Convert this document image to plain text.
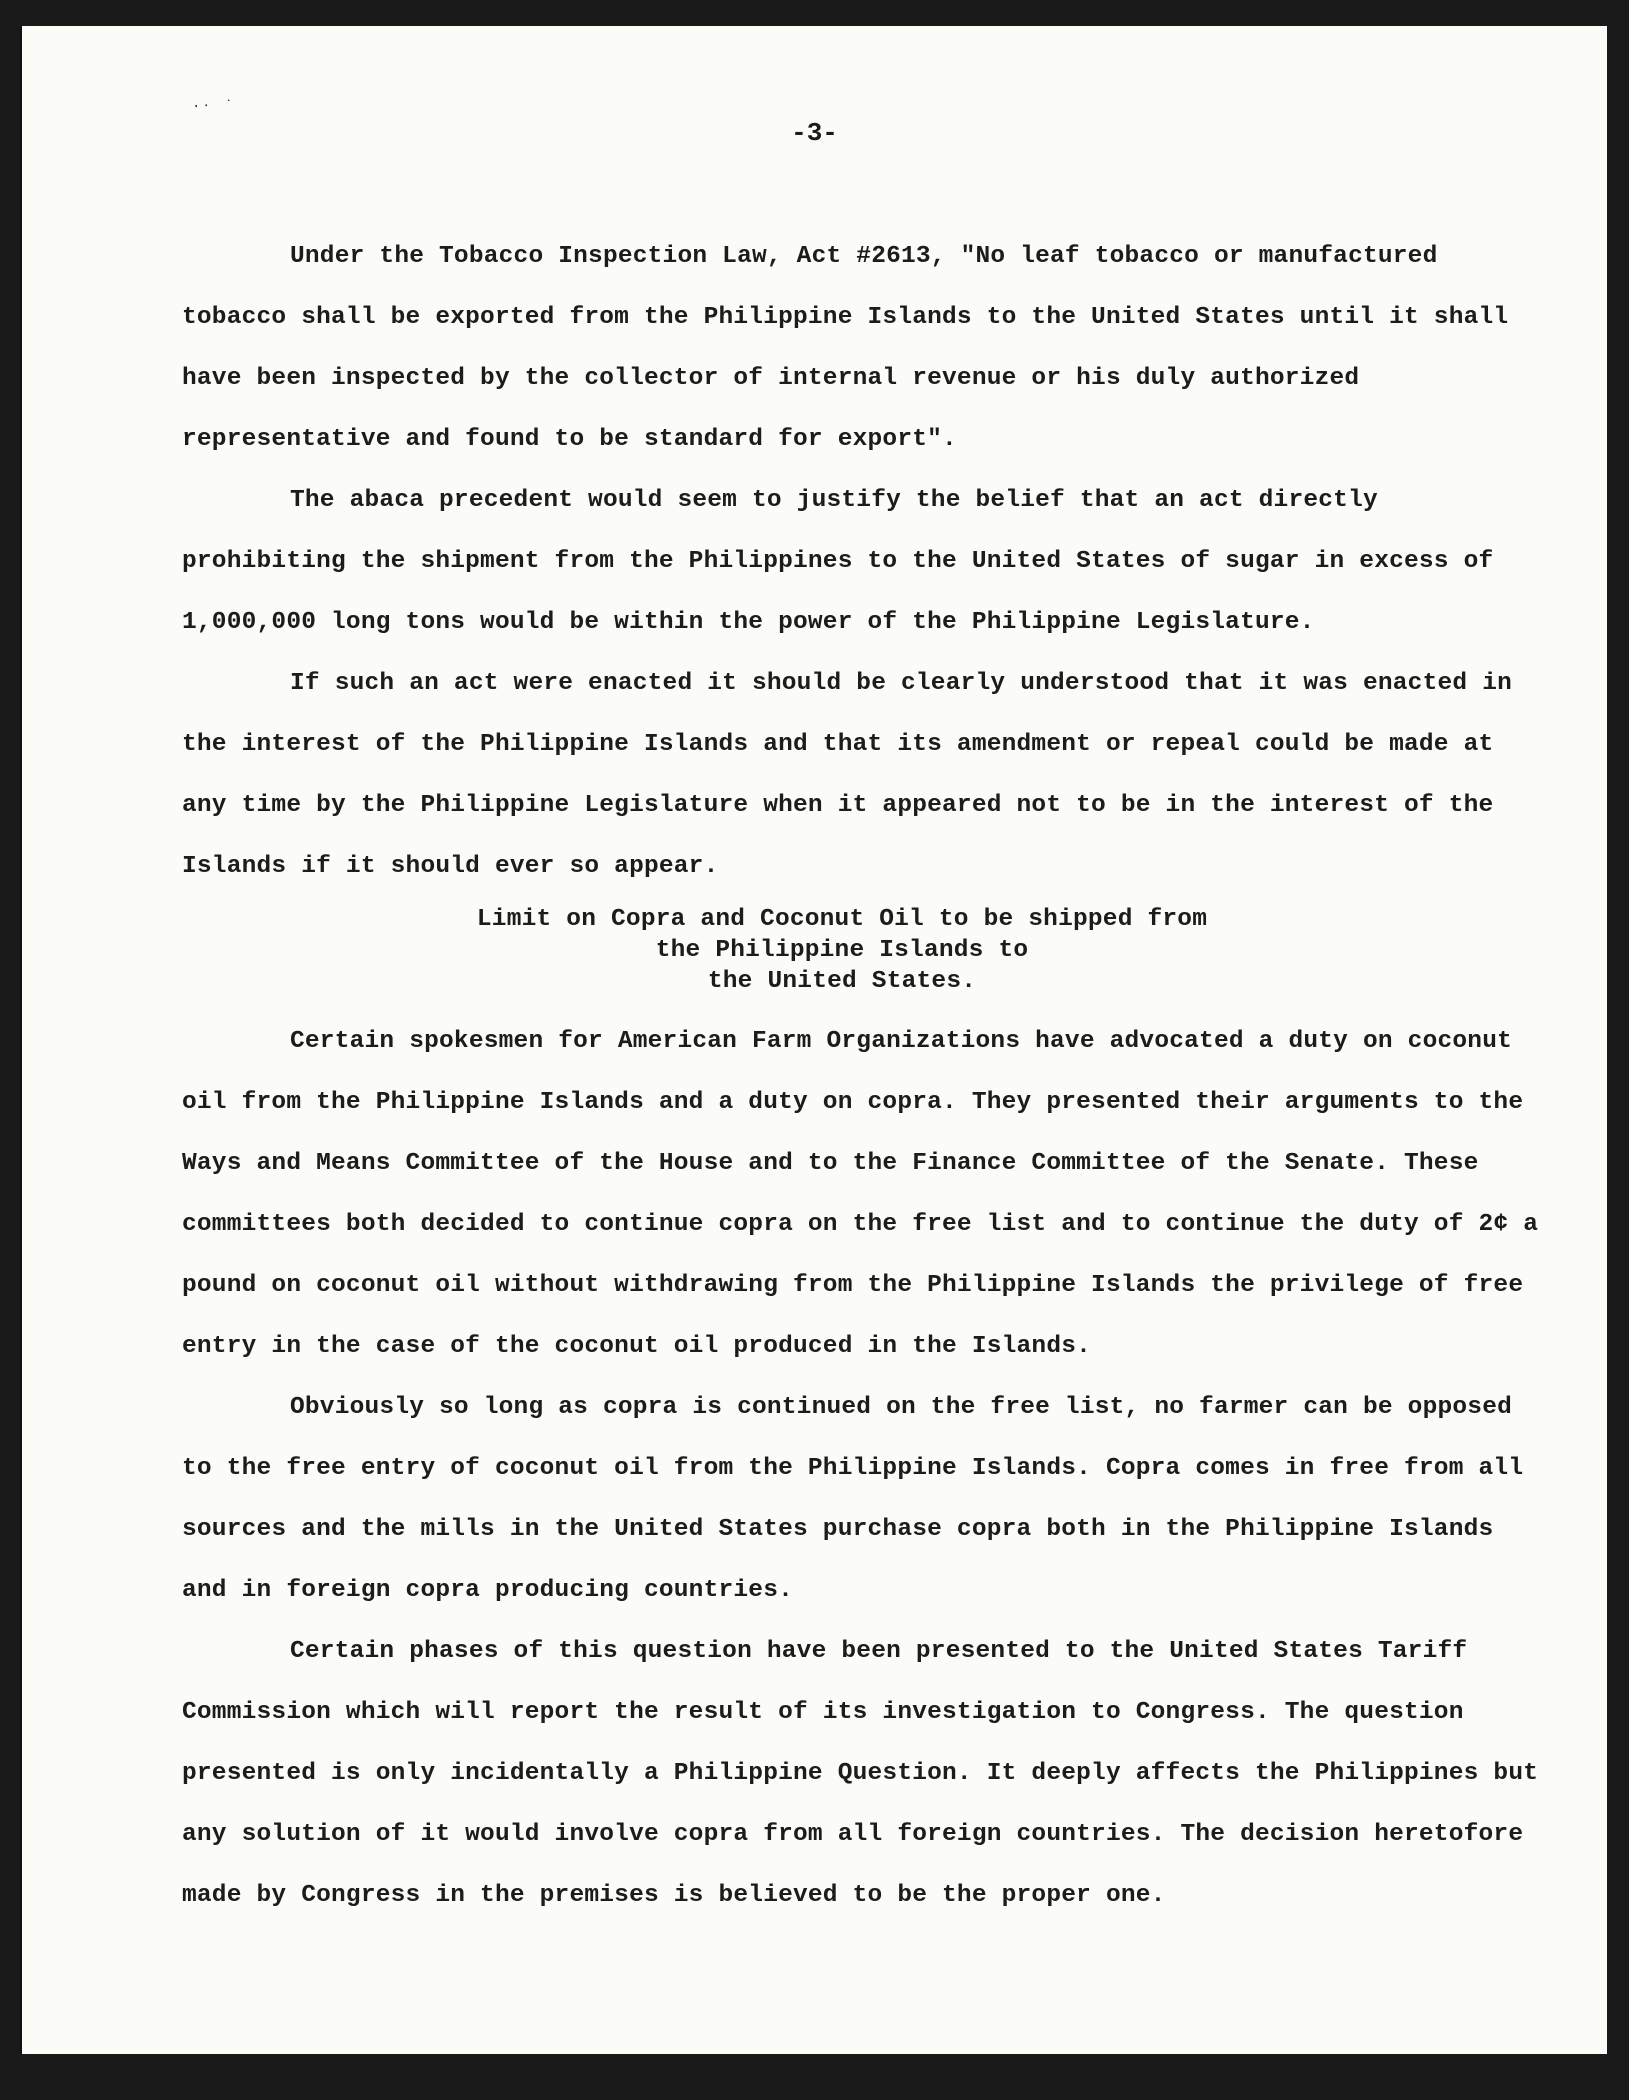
∙⸱ ˙
-3-

Under the Tobacco Inspection Law, Act #2613, "No leaf tobacco or manufactured tobacco shall be exported from the Philippine Islands to the United States until it shall have been inspected by the collector of internal revenue or his duly authorized representative and found to be standard for export".

The abaca precedent would seem to justify the belief that an act directly prohibiting the shipment from the Philippines to the United States of sugar in excess of 1,000,000 long tons would be within the power of the Philippine Legislature.

If such an act were enacted it should be clearly understood that it was enacted in the interest of the Philippine Islands and that its amendment or repeal could be made at any time by the Philippine Legislature when it appeared not to be in the interest of the Islands if it should ever so appear.

Limit on Copra and Coconut Oil to be shipped from
the Philippine Islands to
the United States.

Certain spokesmen for American Farm Organizations have advocated a duty on coconut oil from the Philippine Islands and a duty on copra. They presented their arguments to the Ways and Means Committee of the House and to the Finance Committee of the Senate. These committees both decided to continue copra on the free list and to continue the duty of 2¢ a pound on coconut oil without withdrawing from the Philippine Islands the privilege of free entry in the case of the coconut oil produced in the Islands.

Obviously so long as copra is continued on the free list, no farmer can be opposed to the free entry of coconut oil from the Philippine Islands. Copra comes in free from all sources and the mills in the United States purchase copra both in the Philippine Islands and in foreign copra producing countries.

Certain phases of this question have been presented to the United States Tariff Commission which will report the result of its investigation to Congress. The question presented is only incidentally a Philippine Question. It deeply affects the Philippines but any solution of it would involve copra from all foreign countries. The decision heretofore made by Congress in the premises is believed to be the proper one.
